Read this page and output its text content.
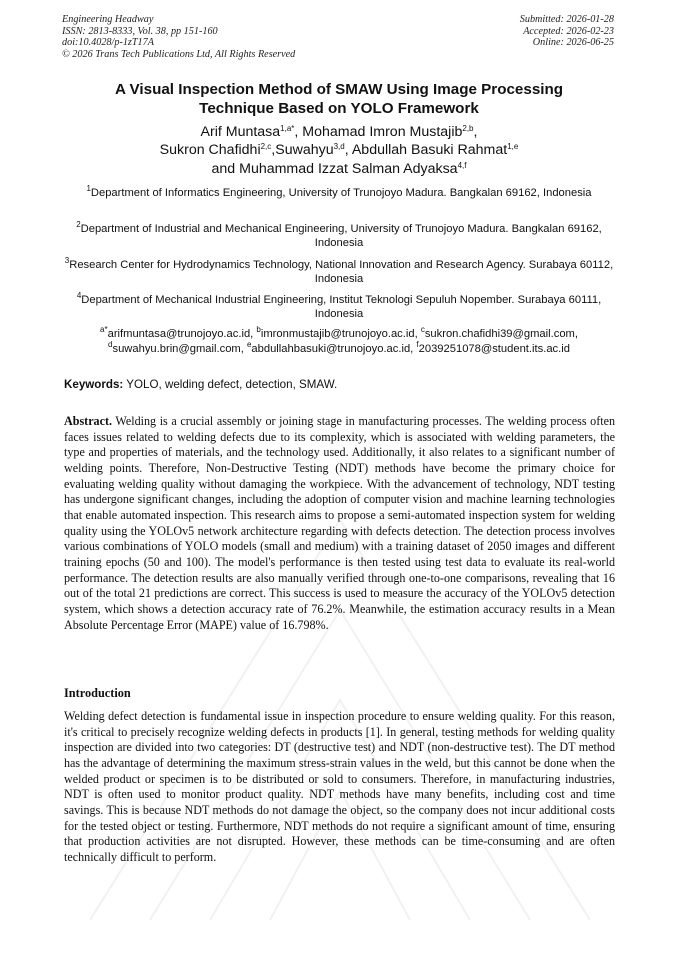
Engineering Headway
ISSN: 2813-8333, Vol. 38, pp 151-160
doi:10.4028/p-1zT17A
© 2026 Trans Tech Publications Ltd, All Rights Reserved
Submitted: 2026-01-28
Accepted: 2026-02-23
Online: 2026-06-25
A Visual Inspection Method of SMAW Using Image Processing
Technique Based on YOLO Framework
Arif Muntasa$^{1,a*}$, Mohamad Imron Mustajib$^{2,b}$,
Sukron Chafidhi$^{2,c}$,Suwahyu$^{3,d}$, Abdullah Basuki Rahmat$^{1,e}$
and Muhammad Izzat Salman Adyaksa$^{4,f}$
$^1$Department of Informatics Engineering, University of Trunojoyo Madura. Bangkalan 69162, Indonesia
$^2$Department of Industrial and Mechanical Engineering, University of Trunojoyo Madura. Bangkalan 69162, Indonesia
$^3$Research Center for Hydrodynamics Technology, National Innovation and Research Agency. Surabaya 60112, Indonesia
$^4$Department of Mechanical Industrial Engineering, Institut Teknologi Sepuluh Nopember. Surabaya 60111, Indonesia
$^{a*}$arifmuntasa@trunojoyo.ac.id, $^b$imronmustajib@trunojoyo.ac.id, $^c$sukron.chafidhi39@gmail.com,
$^d$suwahyu.brin@gmail.com, $^e$abdullahbasuki@trunojoyo.ac.id, $^f$2039251078@student.its.ac.id
Keywords: YOLO, welding defect, detection, SMAW.
Abstract. Welding is a crucial assembly or joining stage in manufacturing processes. The welding process often faces issues related to welding defects due to its complexity, which is associated with welding parameters, the type and properties of materials, and the technology used. Additionally, it also relates to a significant number of welding points. Therefore, Non-Destructive Testing (NDT) methods have become the primary choice for evaluating welding quality without damaging the workpiece. With the advancement of technology, NDT testing has undergone significant changes, including the adoption of computer vision and machine learning technologies that enable automated inspection. This research aims to propose a semi-automated inspection system for welding quality using the YOLOv5 network architecture regarding with defects detection. The detection process involves various combinations of YOLO models (small and medium) with a training dataset of 2050 images and different training epochs (50 and 100). The model's performance is then tested using test data to evaluate its real-world performance. The detection results are also manually verified through one-to-one comparisons, revealing that 16 out of the total 21 predictions are correct. This success is used to measure the accuracy of the YOLOv5 detection system, which shows a detection accuracy rate of 76.2%. Meanwhile, the estimation accuracy results in a Mean Absolute Percentage Error (MAPE) value of 16.798%.
Introduction
Welding defect detection is fundamental issue in inspection procedure to ensure welding quality. For this reason, it's critical to precisely recognize welding defects in products [1]. In general, testing methods for welding quality inspection are divided into two categories: DT (destructive test) and NDT (non-destructive test). The DT method has the advantage of determining the maximum stress-strain values in the weld, but this cannot be done when the welded product or specimen is to be distributed or sold to consumers. Therefore, in manufacturing industries, NDT is often used to monitor product quality. NDT methods have many benefits, including cost and time savings. This is because NDT methods do not damage the object, so the company does not incur additional costs for the tested object or testing. Furthermore, NDT methods do not require a significant amount of time, ensuring that production activities are not disrupted. However, these methods can be time-consuming and are often technically difficult to perform.
